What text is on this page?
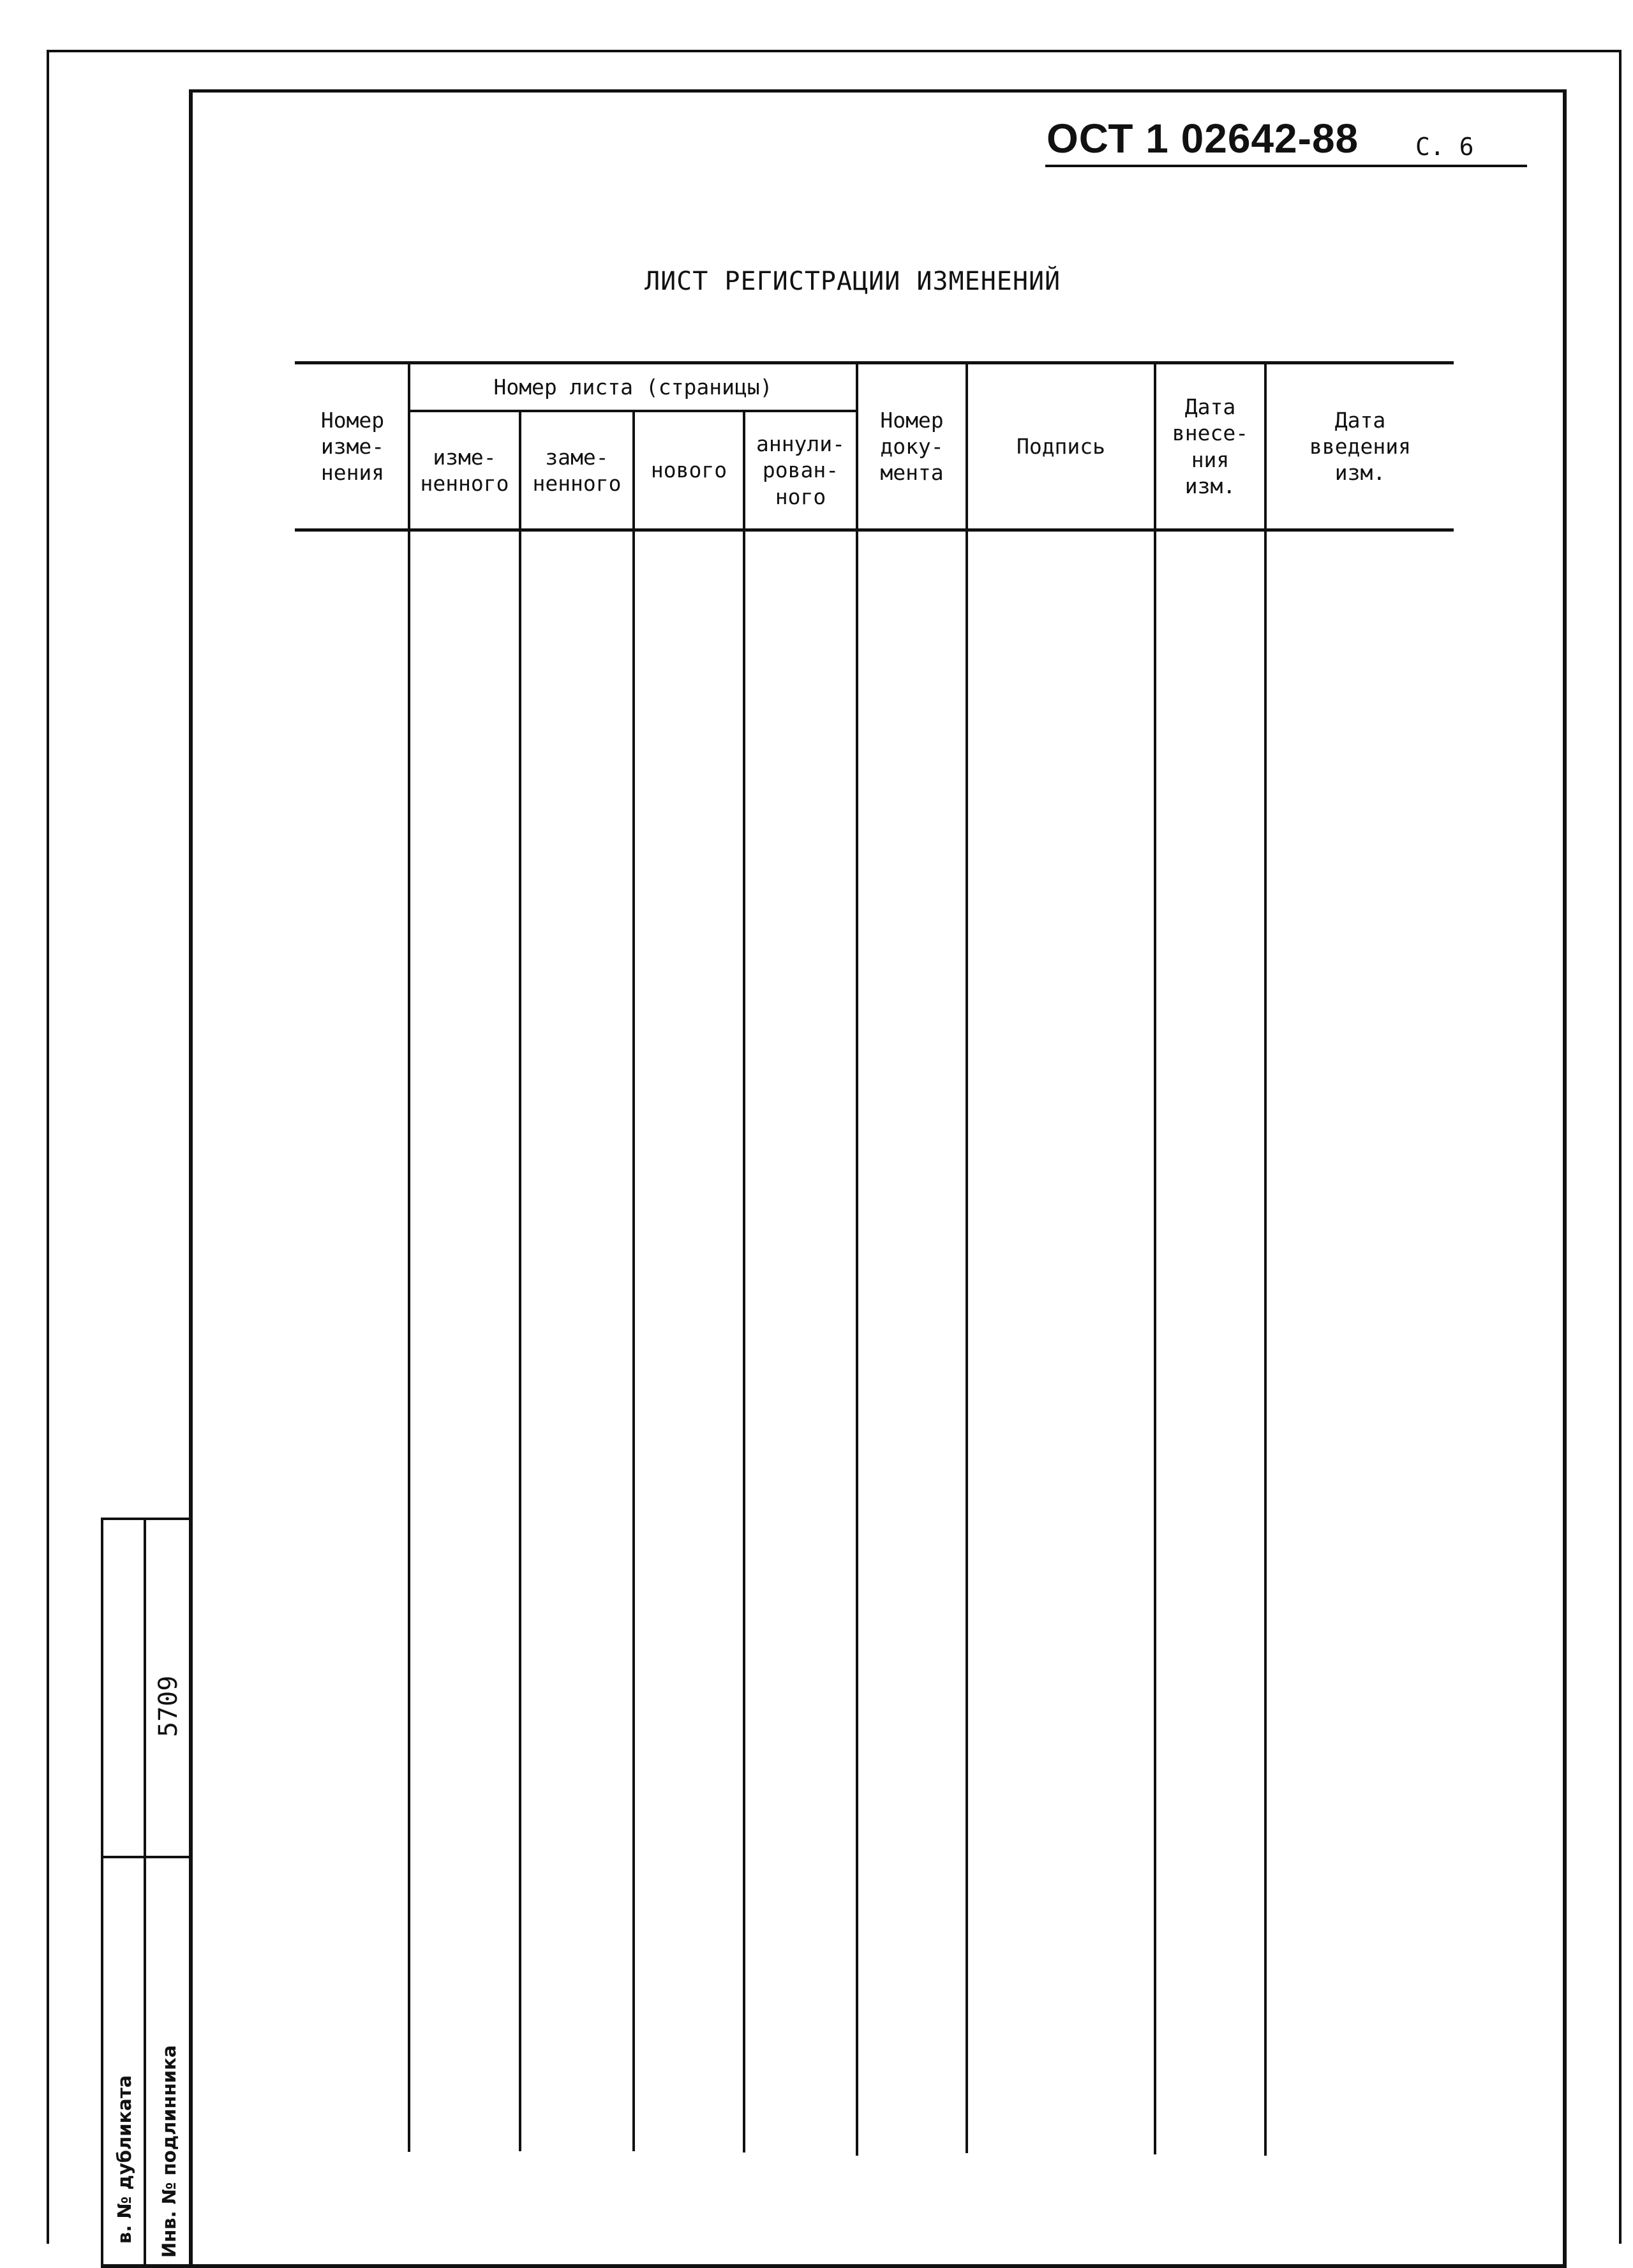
ОСТ 1 02642-88 С. 6
ЛИСТ РЕГИСТРАЦИИ ИЗМЕНЕНИЙ
Номер листа (страницы)
Номер
изме-
нения
изме-
ненного
заме-
ненного
нового
аннули-
рован-
ного
Номер
доку-
мента
Подпись
Дата
внесе-
ния
изм.
Дата
введения
изм.
в. № дубликата Инв. № подлинника
5709
